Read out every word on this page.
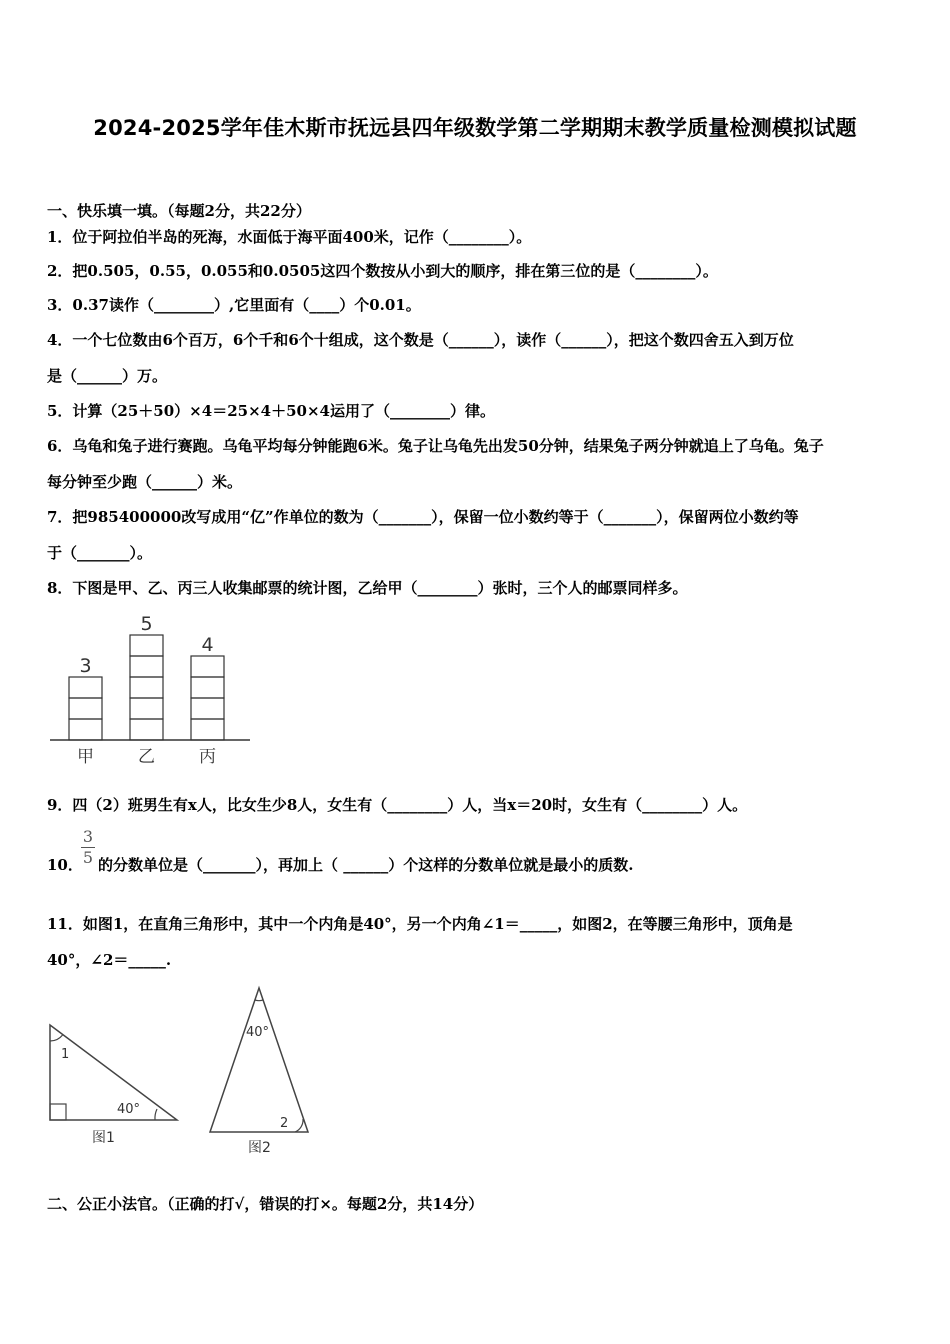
2024-2025学年佳木斯市抚远县四年级数学第二学期期末教学质量检测模拟试题
一、快乐填一填。（每题2分，共22分）
1．位于阿拉伯半岛的死海，水面低于海平面400米，记作（________）。
2．把0.505，0.55，0.055和0.0505这四个数按从小到大的顺序，排在第三位的是（________）。
3．0.37读作（________）,它里面有（____）个0.01。
4．一个七位数由6个百万，6个千和6个十组成，这个数是（______），读作（______），把这个数四舍五入到万位
是（______）万。
5．计算（25＋50）×4＝25×4＋50×4运用了（________）律。
6．乌龟和兔子进行赛跑。乌龟平均每分钟能跑6米。兔子让乌龟先出发50分钟，结果兔子两分钟就追上了乌龟。兔子
每分钟至少跑（______）米。
7．把985400000改写成用“亿”作单位的数为（_______），保留一位小数约等于（_______），保留两位小数约等
于（_______）。
8．下图是甲、乙、丙三人收集邮票的统计图，乙给甲（________）张时，三个人的邮票同样多。
3
甲
5
乙
4
丙
9．四（2）班男生有x人，比女生少8人，女生有（________）人，当x＝20时，女生有（________）人。
10．
3
5 的分数单位是（_______），再加上（ ______）个这样的分数单位就是最小的质数.
11．如图1，在直角三角形中，其中一个内角是40°，另一个内角∠1＝_____，如图2，在等腰三角形中，顶角是
40°，∠2＝_____.
1
40°
图1
40°
2
图2
二、公正小法官。（正确的打√，错误的打×。每题2分，共14分）
